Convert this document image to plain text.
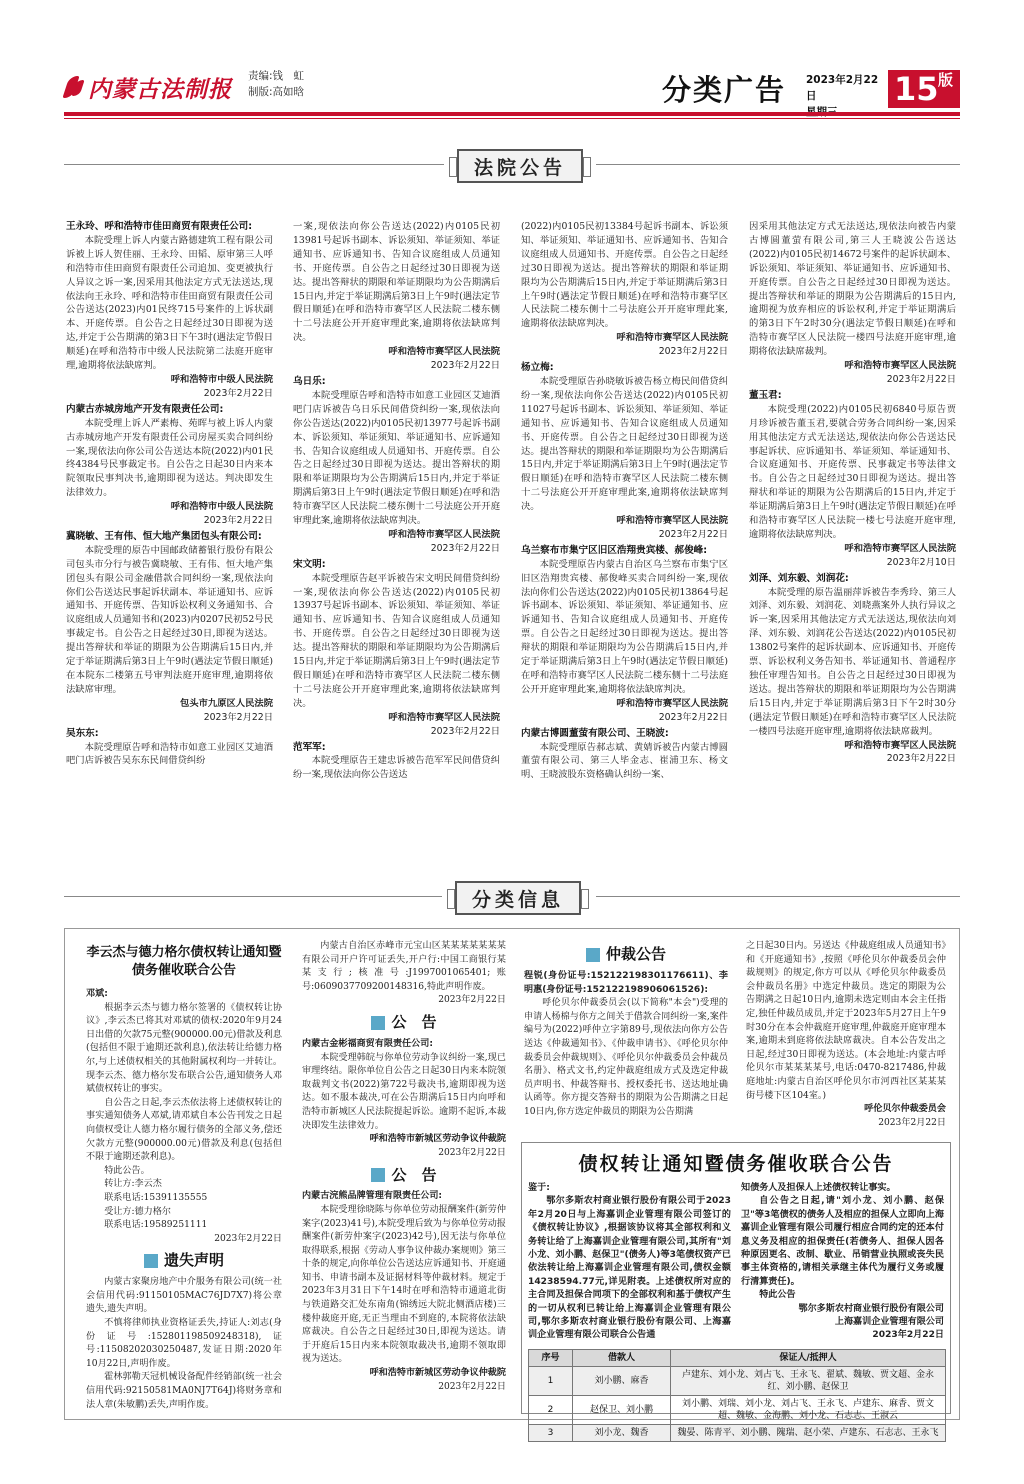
内蒙古法制报
责编:钱　虹
制版:高如晗	分类广告 2023年2月22日	15 版
法院公告
王永玲、呼和浩特市佳田商贸有限责任公司:
本院受理上诉人内蒙古路德建筑工程有限公司诉被上诉人贺佳丽、王永玲、田韬、原审第三人呼和浩特市佳田商贸有限责任公司追加、变更被执行人异议之诉一案,因采用其他法定方式无法送达,现依法向王永玲、呼和浩特市佳田商贸有限责任公司公告送达(2023)内01民终715号案件的上诉状副本、开庭传票。自公告之日起经过30日即视为送达,并定于公告期满的第3日下午3时(遇法定节假日顺延)在呼和浩特市中级人民法院第二法庭开庭审理,逾期将依法缺席判。
呼和浩特市中级人民法院
2023年2月22日
内蒙古赤城房地产开发有限责任公司:
本院受理上诉人严素梅、苑晖与被上诉人内蒙古赤城房地产开发有限责任公司房屋买卖合同纠纷一案,现依法向你公司公告送达本院(2022)内01民终4384号民事裁定书。自公告之日起30日内来本院领取民事判决书,逾期即视为送达。判决即发生法律效力。
呼和浩特市中级人民法院
2023年2月22日
冀晓敏、王有伟、恒大地产集团包头有限公司:
本院受理的原告中国邮政储蓄银行股份有限公司包头市分行与被告冀晓敏、王有伟、恒大地产集团包头有限公司金融借款合同纠纷一案,现依法向你们公告送达民事起诉状副本、举证通知书、应诉通知书、开庭传票、告知诉讼权利义务通知书、合议庭组成人员通知书和(2023)内0207民初52号民事裁定书。自公告之日起经过30日,即视为送达。提出答辩状和举证的期限为公告期满后15日内,并定于举证期满后第3日上午9时(遇法定节假日顺延)在本院东二楼第五号审判法庭开庭审理,逾期将依法缺席审理。
包头市九原区人民法院
2023年2月22日
吴东东:
本院受理原告呼和浩特市如意工业园区艾迪酒吧门店诉被告吴东东民间借贷纠纷
一案,现依法向你公告送达(2022)内0105民初13981号起诉书副本、诉讼须知、举证须知、举证通知书、应诉通知书、告知合议庭组成人员通知书、开庭传票。自公告之日起经过30日即视为送达。提出答辩状的期限和举证期限均为公告期满后15日内,并定于举证期满后第3日上午9时(遇法定节假日顺延)在呼和浩特市赛罕区人民法院二楼东侧十二号法庭公开开庭审理此案,逾期将依法缺席判决。
呼和浩特市赛罕区人民法院
2023年2月22日
乌日乐:
本院受理原告呼和浩特市如意工业园区艾迪酒吧门店诉被告乌日乐民间借贷纠纷一案,现依法向你公告送达(2022)内0105民初13977号起诉书副本、诉讼须知、举证须知、举证通知书、应诉通知书、告知合议庭组成人员通知书、开庭传票。自公告之日起经过30日即视为送达。提出答辩状的期限和举证期限均为公告期满后15日内,并定于举证期满后第3日上午9时(遇法定节假日顺延)在呼和浩特市赛罕区人民法院二楼东侧十二号法庭公开开庭审理此案,逾期将依法缺席判决。
呼和浩特市赛罕区人民法院
2023年2月22日
宋文明:
本院受理原告赵平诉被告宋文明民间借贷纠纷一案,现依法向你公告送达(2022)内0105民初13937号起诉书副本、诉讼须知、举证须知、举证通知书、应诉通知书、告知合议庭组成人员通知书、开庭传票。自公告之日起经过30日即视为送达。提出答辩状的期限和举证期限均为公告期满后15日内,并定于举证期满后第3日上午9时(遇法定节假日顺延)在呼和浩特市赛罕区人民法院二楼东侧十二号法庭公开开庭审理此案,逾期将依法缺席判决。
呼和浩特市赛罕区人民法院
2023年2月22日
范军军:
本院受理原告王建忠诉被告范军军民间借贷纠纷一案,现依法向你公告送达
(2022)内0105民初13384号起诉书副本、诉讼须知、举证须知、举证通知书、应诉通知书、告知合议庭组成人员通知书、开庭传票。自公告之日起经过30日即视为送达。提出答辩状的期限和举证期限均为公告期满后15日内,并定于举证期满后第3日上午9时(遇法定节假日顺延)在呼和浩特市赛罕区人民法院二楼东侧十二号法庭公开开庭审理此案,逾期将依法缺席判决。
呼和浩特市赛罕区人民法院
2023年2月22日
杨立梅:
本院受理原告孙晓敏诉被告杨立梅民间借贷纠纷一案,现依法向你公告送达(2022)内0105民初11027号起诉书副本、诉讼须知、举证须知、举证通知书、应诉通知书、告知合议庭组成人员通知书、开庭传票。自公告之日起经过30日即视为送达。提出答辩状的期限和举证期限均为公告期满后15日内,并定于举证期满后第3日上午9时(遇法定节假日顺延)在呼和浩特市赛罕区人民法院二楼东侧十二号法庭公开开庭审理此案,逾期将依法缺席判决。
呼和浩特市赛罕区人民法院
2023年2月22日
乌兰察布市集宁区旧区浩翔贵宾楼、郝俊峰:
本院受理原告内蒙古自治区乌兰察布市集宁区旧区浩翔贵宾楼、郝俊峰买卖合同纠纷一案,现依法向你们公告送达(2022)内0105民初13864号起诉书副本、诉讼须知、举证须知、举证通知书、应诉通知书、告知合议庭组成人员通知书、开庭传票。自公告之日起经过30日即视为送达。提出答辩状的期限和举证期限均为公告期满后15日内,并定于举证期满后第3日上午9时(遇法定节假日顺延)在呼和浩特市赛罕区人民法院二楼东侧十二号法庭公开开庭审理此案,逾期将依法缺席判决。
呼和浩特市赛罕区人民法院
2023年2月22日
内蒙古博圆董萤有限公司、王晓波:
本院受理原告郝志斌、黄婧诉被告内蒙古博圆董萤有限公司、第三人毕金志、崔浦卫东、杨文明、王晓波股东资格确认纠纷一案、
因采用其他法定方式无法送达,现依法向被告内蒙古博圆董萤有限公司,第三人王晓波公告送达(2022)内0105民初14672号案件的起诉状副本、诉讼须知、举证须知、举证通知书、应诉通知书、开庭传票。自公告之日起经过30日即视为送达。提出答辩状和举证的期限为公告期满后的15日内,逾期视为放弃相应的诉讼权利,并定于举证期满后的第3日下午2时30分(遇法定节假日顺延)在呼和浩特市赛罕区人民法院一楼四号法庭开庭审理,逾期将依法缺席裁判。
呼和浩特市赛罕区人民法院
2023年2月22日
董玉君:
本院受理(2022)内0105民初6840号原告贾月珍诉被告董玉君,要就合劳务合同纠纷一案,因采用其他法定方式无法送达,现依法向你公告送达民事起诉状、应诉通知书、举证须知、举证通知书、合议庭通知书、开庭传票、民事裁定书等法律文书。自公告之日起经过30日即视为送达。提出答辩状和举证的期限为公告期满后的15日内,并定于举证期满后第3日上午9时(遇法定节假日顺延)在呼和浩特市赛罕区人民法院一楼七号法庭开庭审理,逾期将依法缺席判决。
呼和浩特市赛罕区人民法院
2023年2月10日
刘泽、刘东毅、刘润花:
本院受理的原告温丽萍诉被告李秀玲、第三人刘泽、刘东毅、刘润花、刘晓燕案外人执行异议之诉一案,因采用其他法定方式无法送达,现依法向刘泽、刘东毅、刘润花公告送达(2022)内0105民初13802号案件的起诉状副本、应诉通知书、开庭传票、诉讼权利义务告知书、举证通知书、普通程序独任审理告知书。自公告之日起经过30日即视为送达。提出答辩状的期限和举证期限均为公告期满后15日内,并定于举证期满后第3日下午2时30分(遇法定节假日顺延)在呼和浩特市赛罕区人民法院一楼四号法庭开庭审理,逾期将依法缺席裁判。
呼和浩特市赛罕区人民法院
2023年2月22日
分类信息
李云杰与德力格尔债权转让通知暨债务催收联合公告
邓斌:
根据李云杰与德力格尔签署的《债权转让协议》,李云杰已将其对邓斌的债权:2020年9月24日出借的欠款75元整(900000.00元)借款及利息(包括但不限于逾期还款利息),依法转让给德力格尔,与上述债权相关的其他附属权利均一并转让。现李云杰、德力格尔发布联合公告,通知债务人邓斌债权转让的事实。
自公告之日起,李云杰依法将上述债权转让的事实通知债务人邓斌,请邓斌自本公告刊发之日起向债权受让人德力格尔履行债务的全部义务,偿还欠款方元整(900000.00元)借款及利息(包括但不限于逾期还款利息)。
特此公告。
转让方:李云杰
联系电话:15391135555
受让方:德力格尔
联系电话:19589251111
2023年2月22日
遗失声明
内蒙古家聚房地产中介服务有限公司(统一社会信用代码:91150105MAC76JD7X7)将公章遗失,遗失声明。
不慎将律师执业资格证丢失,持证人:刘志(身份证号:152801198509248318),证号:11508202030250487,发证日期:2020年10月22日,声明作废。
霍林郭勒天冠机械设备配件经销部(统一社会信用代码:92150581MA0NJ7T64J)将财务章和法人章(朱敏鹏)丢失,声明作废。
内蒙古自治区赤峰市元宝山区某某某某某某某有限公司开户许可证丢失,开户行:中国工商银行某某支行;核准号:J1997001065401;账号:0609037709200148316,特此声明作废。
2023年2月22日
公　告
内蒙古金彬福商贸有限责任公司:
本院受理韩皖与你单位劳动争议纠纷一案,现已审理终结。限你单位自公告之日起30日内来本院领取裁判文书(2022)第722号裁决书,逾期即视为送达。如不服本裁决,可在公告期满后15日内向呼和浩特市新城区人民法院提起诉讼。逾期不起诉,本裁决即发生法律效力。
呼和浩特市新城区劳动争议仲裁院
2023年2月22日
公　告
内蒙古浣熊品牌管理有限责任公司:
本院受理徐晓陈与你单位劳动报酬案件(新劳仲案字(2023)41号),本院受理后致为与你单位劳动报酬案件(新劳仲案字(2023)42号),因无法与你单位取得联系,根据《劳动人事争议仲裁办案规则》第三十条的规定,向你单位公告送达应诉通知书、开庭通知书、申请书副本及证据材料等仲裁材料。规定于2023年3月31日下午14时在呼和浩特市通道北街与铁道路交汇处东南角(锦绣远大院北侧酒店楼)三楼仲裁庭开庭,无正当理由不到庭的,本院将依法缺席裁决。自公告之日起经过30日,即视为送达。请于开庭后15日内来本院领取裁决书,逾期不领取即视为送达。
呼和浩特市新城区劳动争议仲裁院
2023年2月22日
仲裁公告
程锐(身份证号:152122198301176611)、李明惠(身份证号:152122198906061526):
呼伦贝尔仲裁委员会(以下简称"本会")受理的申请人杨棉与你方之间关于借款合同纠纷一案,案件编号为(2022)呼仲立字第89号,现依法向你方公告送达《仲裁通知书》、《仲裁申请书》、《呼伦贝尔仲裁委员会仲裁规则》、《呼伦贝尔仲裁委员会仲裁员名册》、格式文书,约定仲裁庭组成方式及选定仲裁员声明书、仲裁答辩书、授权委托书、送达地址确认函等。你方提交答辩书的期限为公告期满之日起10日内,你方选定仲裁员的期限为公告期满
之日起30日内。另送达《仲裁庭组成人员通知书》和《开庭通知书》,按照《呼伦贝尔仲裁委员会仲裁规则》的规定,你方可以从《呼伦贝尔仲裁委员会仲裁员名册》中选定仲裁员。选定的期限为公告期满之日起10日内,逾期未选定则由本会主任指定,独任仲裁员成员,并定于2023年5月27日上午9时30分在本会仲裁庭开庭审理,仲裁庭开庭审理本案,逾期未到庭将依法缺席裁决。自本公告发出之日起,经过30日即视为送达。(本会地址:内蒙古呼伦贝尔市某某某某号,电话:0470-8217486,仲裁庭地址:内蒙古自治区呼伦贝尔市河西社区某某某街号楼下区104室。)
呼伦贝尔仲裁委员会
2023年2月22日
债权转让通知暨债务催收联合公告
鉴于:
鄂尔多斯农村商业银行股份有限公司于2023年2月20日与上海嘉训企业管理有限公司签订的《债权转让协议》,根据该协议将其全部权利和义务转让给了上海嘉训企业管理有限公司,其所有"刘小龙、刘小鹏、赵保卫"(债务人)等3笔债权资产已依法转让给上海嘉训企业管理有限公司,债权金额14238594.77元,详见附表。上述债权所对应的主合同及担保合同项下的全部权利和基于债权产生的一切从权利已转让给上海嘉训企业管理有限公司,鄂尔多斯农村商业银行股份有限公司、上海嘉训企业管理有限公司联合公告通
知债务人及担保人上述债权转让事实。
自公告之日起,请"刘小龙、刘小鹏、赵保卫"等3笔债权的债务人及相应的担保人立即向上海嘉训企业管理有限公司履行相应合同约定的还本付息义务及相应的担保责任(若债务人、担保人因各种原因更名、改制、歇业、吊销营业执照或丧失民事主体资格的,请相关承继主体代为履行义务或履行清算责任)。
特此公告
鄂尔多斯农村商业银行股份有限公司
上海嘉训企业管理有限公司
2023年2月22日
序号	借款人	保证人/抵押人
1	刘小鹏、麻香	卢建东、刘小龙、刘占飞、王永飞、翟斌、魏敏、贾文超、金永红、刘小鹏、赵保卫
2	赵保卫、刘小鹏	刘小鹏、刘瑞、刘小龙、刘占飞、王永飞、卢建东、麻香、贾文超、魏敏、金海鹏、刘小龙、石志志、王淑云
3	刘小龙、魏香	魏晏、陈青平、刘小鹏、隗瑞、赵小荣、卢建东、石志志、王永飞
